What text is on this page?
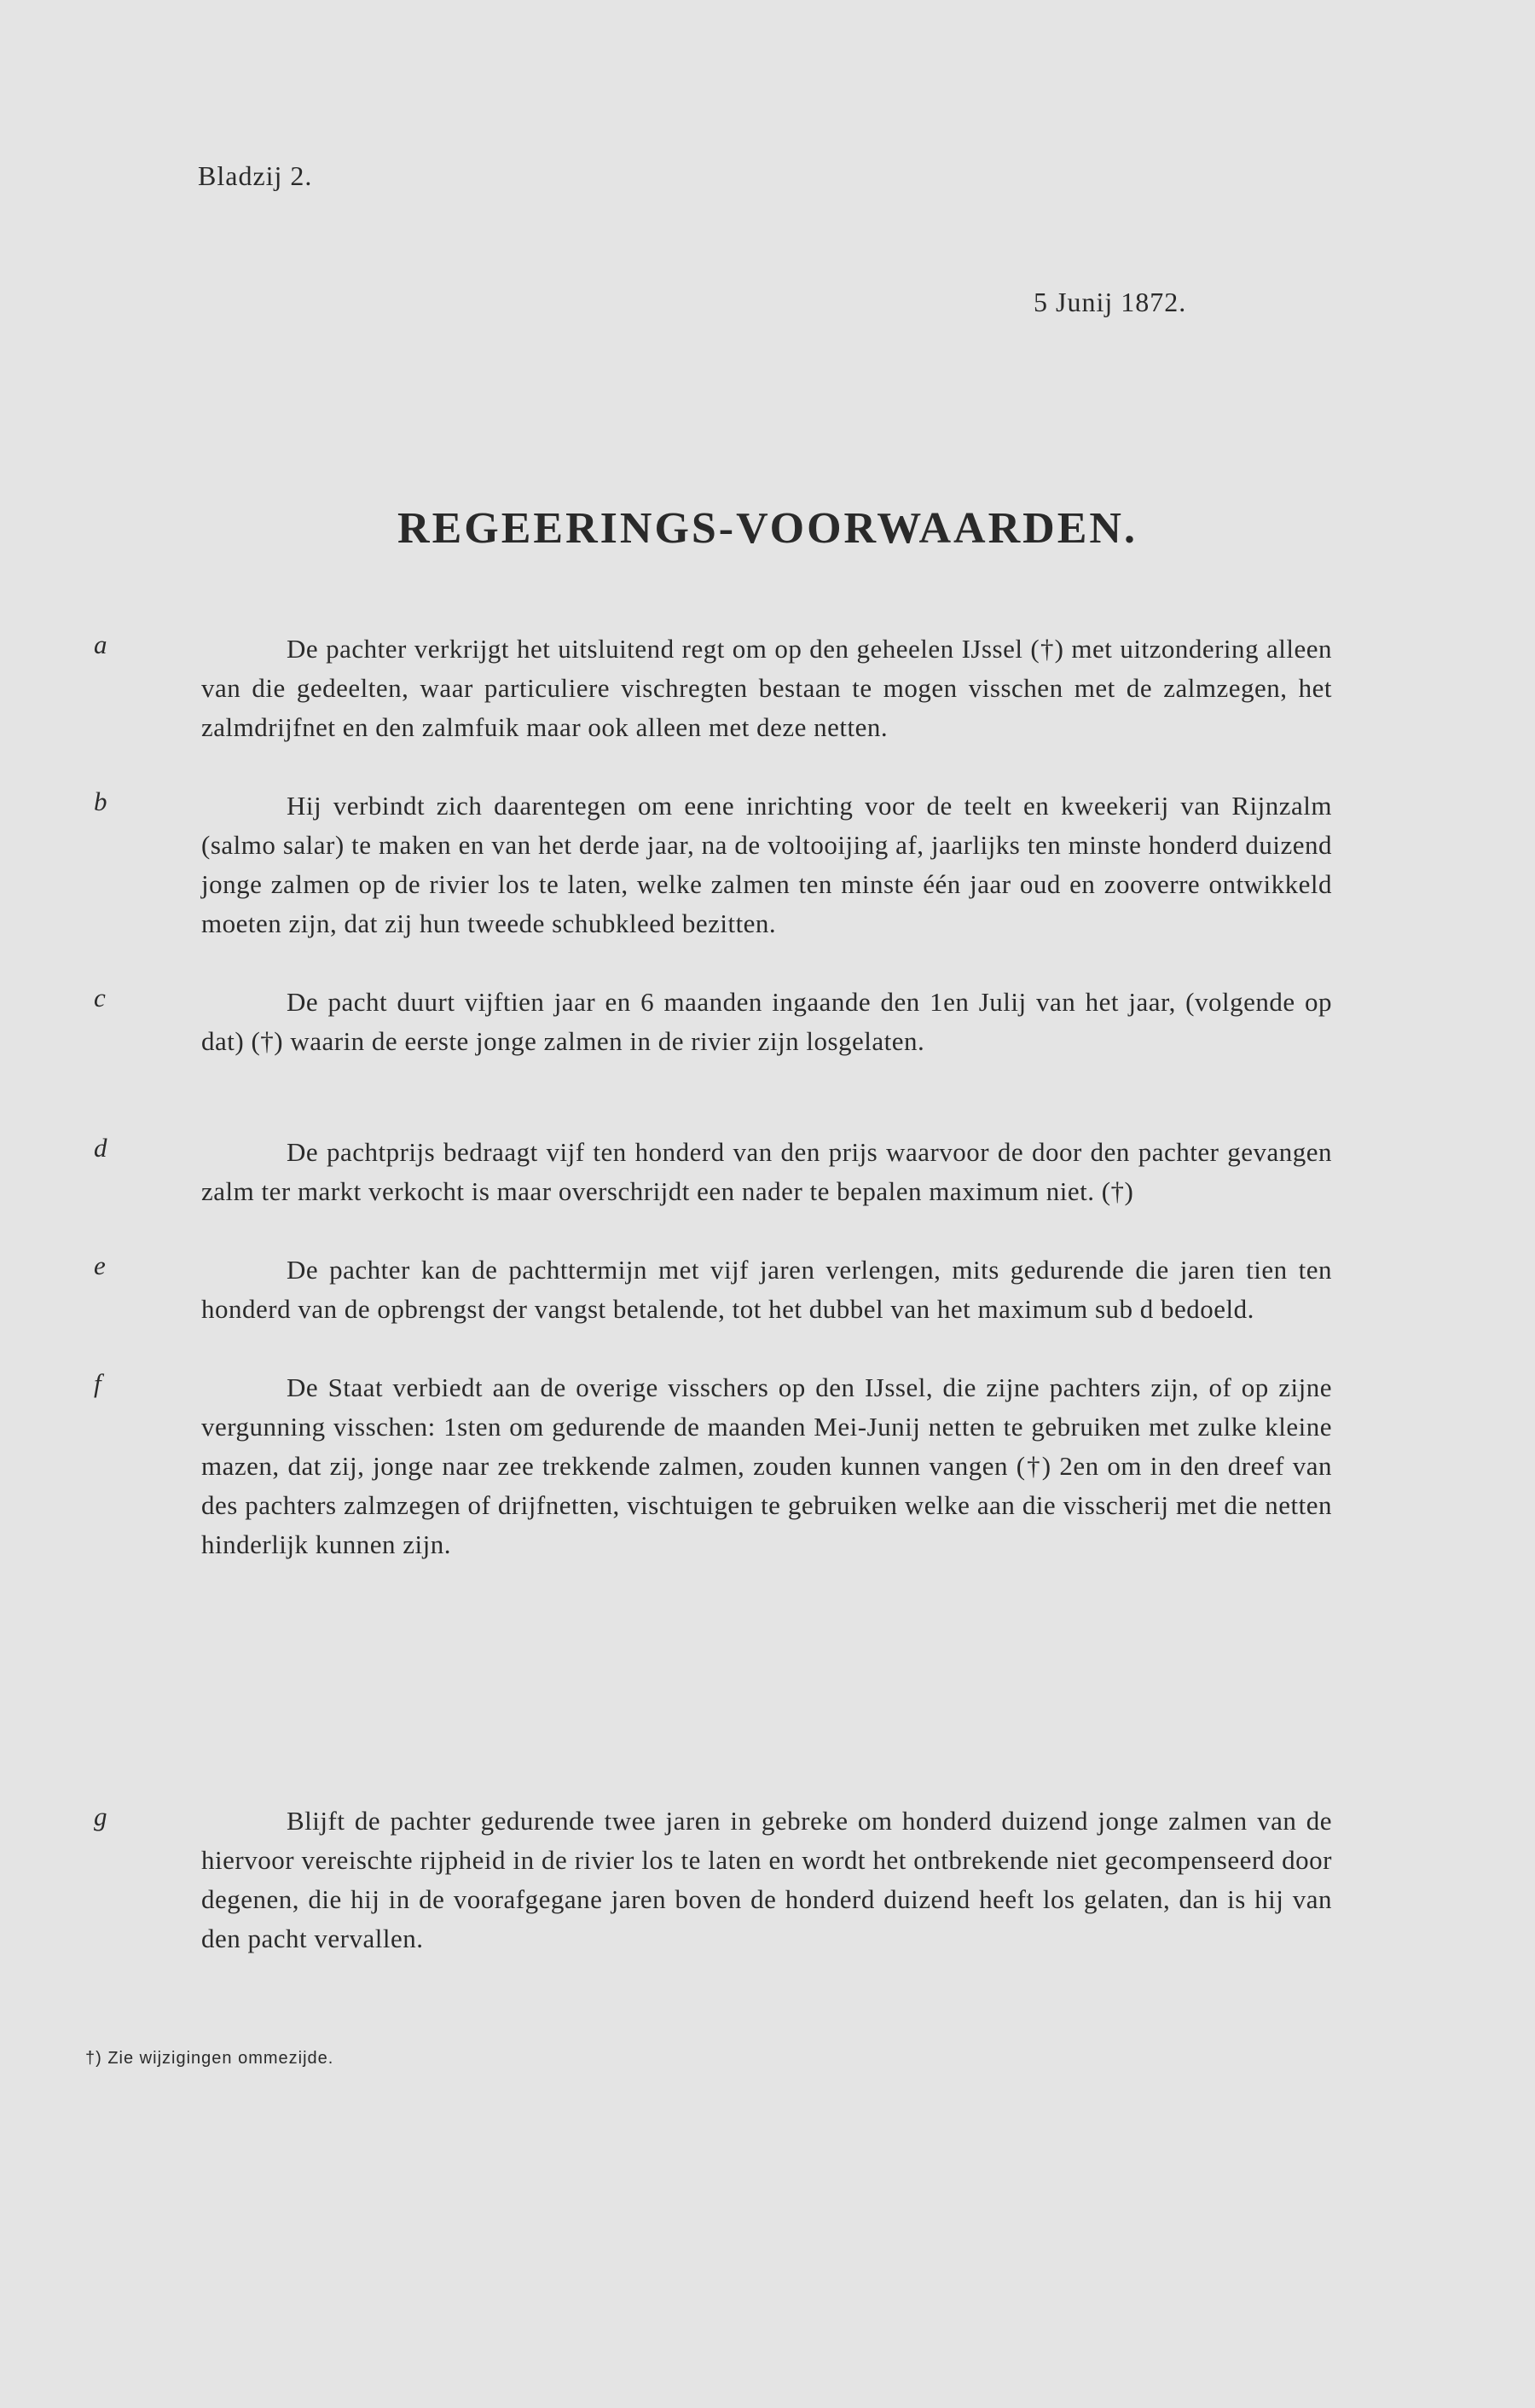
Bladzij 2.
5 Junij 1872.
REGEERINGS-VOORWAARDEN.
a	De pachter verkrijgt het uitsluitend regt om op den geheelen IJssel (†) met uitzondering alleen van die gedeelten, waar particuliere vischregten bestaan te mogen visschen met de zalmzegen, het zalmdrijfnet en den zalmfuik maar ook alleen met deze netten.

b	Hij verbindt zich daarentegen om eene inrichting voor de teelt en kweekerij van Rijnzalm (salmo salar) te maken en van het derde jaar, na de voltooijing af, jaarlijks ten minste honderd duizend jonge zalmen op de rivier los te laten, welke zalmen ten minste één jaar oud en zooverre ontwikkeld moeten zijn, dat zij hun tweede schubkleed bezitten.

c	De pacht duurt vijftien jaar en 6 maanden ingaande den 1en Julij van het jaar, (volgende op dat) (†) waarin de eerste jonge zalmen in de rivier zijn losgelaten.

d	De pachtprijs bedraagt vijf ten honderd van den prijs waarvoor de door den pachter gevangen zalm ter markt verkocht is maar overschrijdt een nader te bepalen maximum niet. (†)

e	De pachter kan de pachttermijn met vijf jaren verlengen, mits gedurende die jaren tien ten honderd van de opbrengst der vangst betalende, tot het dubbel van het maximum sub d bedoeld.

f	De Staat verbiedt aan de overige visschers op den IJssel, die zijne pachters zijn, of op zijne vergunning visschen: 1sten om gedurende de maanden Mei-Junij netten te gebruiken met zulke kleine mazen, dat zij, jonge naar zee trekkende zalmen, zouden kunnen vangen (†) 2en om in den dreef van des pachters zalmzegen of drijfnetten, vischtuigen te gebruiken welke aan die visscherij met die netten hinderlijk kunnen zijn.

g	Blijft de pachter gedurende twee jaren in gebreke om honderd duizend jonge zalmen van de hiervoor vereischte rijpheid in de rivier los te laten en wordt het ontbrekende niet gecompenseerd door degenen, die hij in de voorafgegane jaren boven de honderd duizend heeft los gelaten, dan is hij van den pacht vervallen.

†) Zie wijzigingen ommezijde.
